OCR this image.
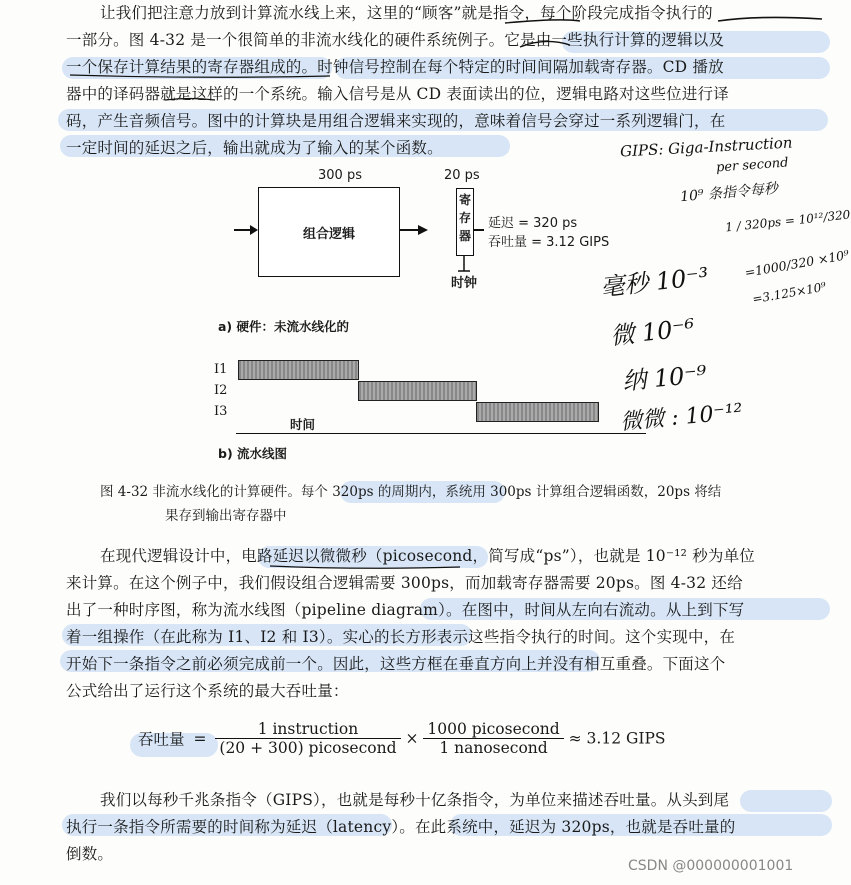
让我们把注意力放到计算流水线上来，这里的“顾客”就是指令，每个阶段完成指令执行的
一部分。图 4-32 是一个很简单的非流水线化的硬件系统例子。它是由一些执行计算的逻辑以及
一个保存计算结果的寄存器组成的。时钟信号控制在每个特定的时间间隔加载寄存器。CD 播放
器中的译码器就是这样的一个系统。输入信号是从 CD 表面读出的位，逻辑电路对这些位进行译
码，产生音频信号。图中的计算块是用组合逻辑来实现的，意味着信号会穿过一系列逻辑门，在
一定时间的延迟之后，输出就成为了输入的某个函数。
300 ps	20 ps
组合逻辑
寄
存
器
延迟 = 320 ps
吞吐量 = 3.12 GIPS
时钟
a) 硬件：未流水线化的
I1
I2
I3
时间
b) 流水线图
图 4-32 非流水线化的计算硬件。每个 320ps 的周期内，系统用 300ps 计算组合逻辑函数，20ps 将结
果存到输出寄存器中
在现代逻辑设计中，电路延迟以微微秒（picosecond，简写成“ps”），也就是 10⁻¹² 秒为单位
来计算。在这个例子中，我们假设组合逻辑需要 300ps，而加载寄存器需要 20ps。图 4-32 还给
出了一种时序图，称为流水线图（pipeline diagram）。在图中，时间从左向右流动。从上到下写
着一组操作（在此称为 I1、I2 和 I3）。实心的长方形表示这些指令执行的时间。这个实现中，在
开始下一条指令之前必须完成前一个。因此，这些方框在垂直方向上并没有相互重叠。下面这个
公式给出了运行这个系统的最大吞吐量：
吞吐量 = $\frac{\text{1 instruction}}{\text{(20 + 300) picosecond}} \times \frac{\text{1000 picosecond}}{\text{1 nanosecond}} \approx 3.12$ GIPS
我们以每秒千兆条指令（GIPS），也就是每秒十亿条指令，为单位来描述吞吐量。从头到尾
执行一条指令所需要的时间称为延迟（latency）。在此系统中，延迟为 320ps，也就是吞吐量的
倒数。
GIPS: Giga-Instruction
per second
10⁹ 条指令每秒
1 / 320ps = 10¹²/320
=1000/320 ×10⁹
=3.125×10⁹
毫秒 10⁻³
微 10⁻⁶
纳 10⁻⁹
微微 : 10⁻¹²
CSDN @000000001001
